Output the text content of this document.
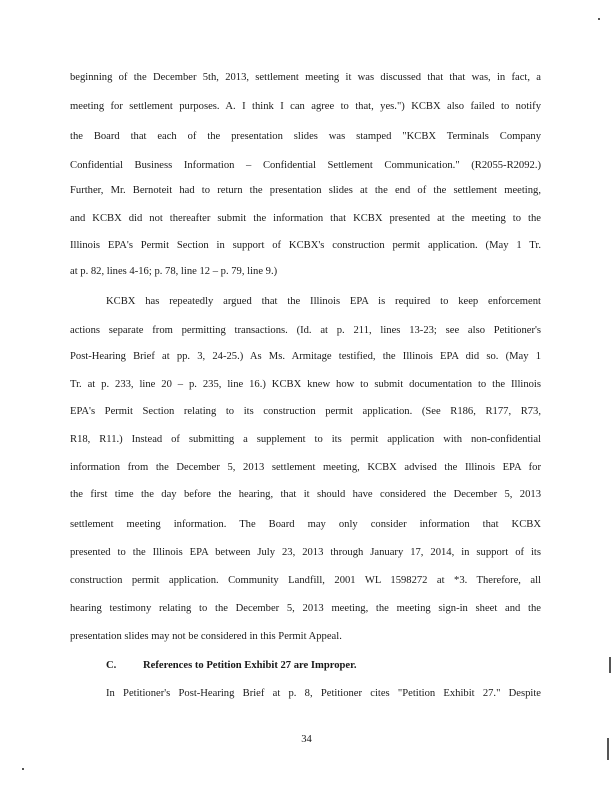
beginning of the December 5th, 2013, settlement meeting it was discussed that that was, in fact, a
meeting for settlement purposes. A. I think I can agree to that, yes.") KCBX also failed to notify
the Board that each of the presentation slides was stamped "KCBX Terminals Company
Confidential Business Information – Confidential Settlement Communication." (R2055-R2092.)
Further, Mr. Bernoteit had to return the presentation slides at the end of the settlement meeting,
and KCBX did not thereafter submit the information that KCBX presented at the meeting to the
Illinois EPA's Permit Section in support of KCBX's construction permit application. (May 1 Tr.
at p. 82, lines 4-16; p. 78, line 12 – p. 79, line 9.)
KCBX has repeatedly argued that the Illinois EPA is required to keep enforcement
actions separate from permitting transactions. (Id. at p. 211, lines 13-23; see also Petitioner's
Post-Hearing Brief at pp. 3, 24-25.) As Ms. Armitage testified, the Illinois EPA did so. (May 1
Tr. at p. 233, line 20 – p. 235, line 16.) KCBX knew how to submit documentation to the Illinois
EPA's Permit Section relating to its construction permit application. (See R186, R177, R73,
R18, R11.) Instead of submitting a supplement to its permit application with non-confidential
information from the December 5, 2013 settlement meeting, KCBX advised the Illinois EPA for
the first time the day before the hearing, that it should have considered the December 5, 2013
settlement meeting information. The Board may only consider information that KCBX
presented to the Illinois EPA between July 23, 2013 through January 17, 2014, in support of its
construction permit application. Community Landfill, 2001 WL 1598272 at *3. Therefore, all
hearing testimony relating to the December 5, 2013 meeting, the meeting sign-in sheet and the
presentation slides may not be considered in this Permit Appeal.
C.	References to Petition Exhibit 27 are Improper.
In Petitioner's Post-Hearing Brief at p. 8, Petitioner cites "Petition Exhibit 27." Despite
34
